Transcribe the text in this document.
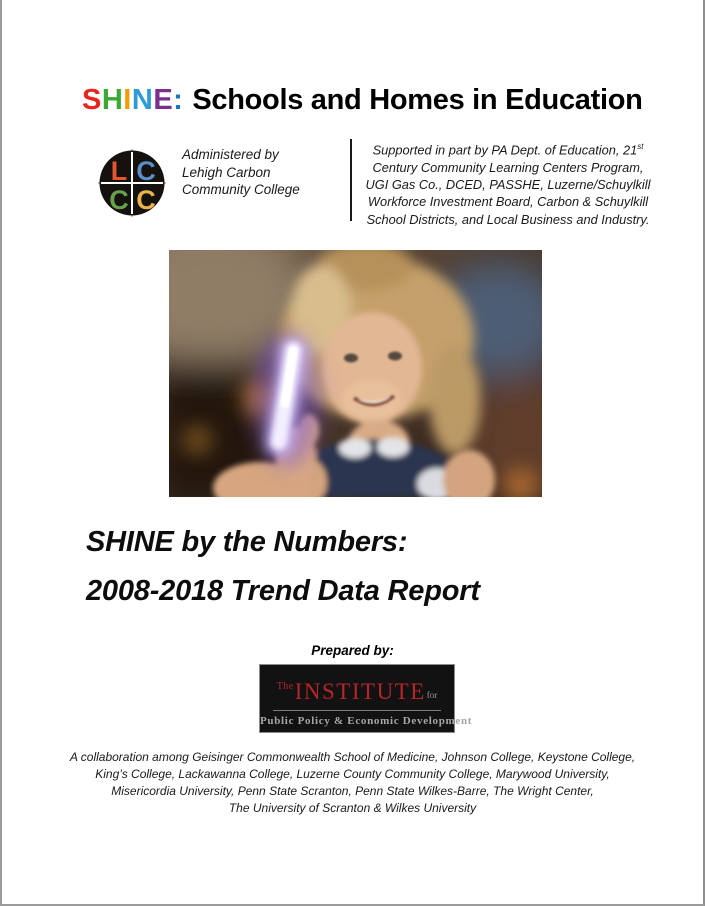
SHINE: Schools and Homes in Education
L C
C C
Administered by
Lehigh Carbon
Community College
Supported in part by PA Dept. of Education, 21st
Century Community Learning Centers Program,
UGI Gas Co., DCED, PASSHE, Luzerne/Schuylkill
Workforce Investment Board, Carbon & Schuylkill
School Districts, and Local Business and Industry.
SHINE by the Numbers:
2008-2018 Trend Data Report
Prepared by:
$^{The}$INSTITUTEfor
Public Policy & Economic Development
A collaboration among Geisinger Commonwealth School of Medicine, Johnson College, Keystone College,
King’s College, Lackawanna College, Luzerne County Community College, Marywood University,
Misericordia University, Penn State Scranton, Penn State Wilkes-Barre, The Wright Center,
The University of Scranton & Wilkes University
